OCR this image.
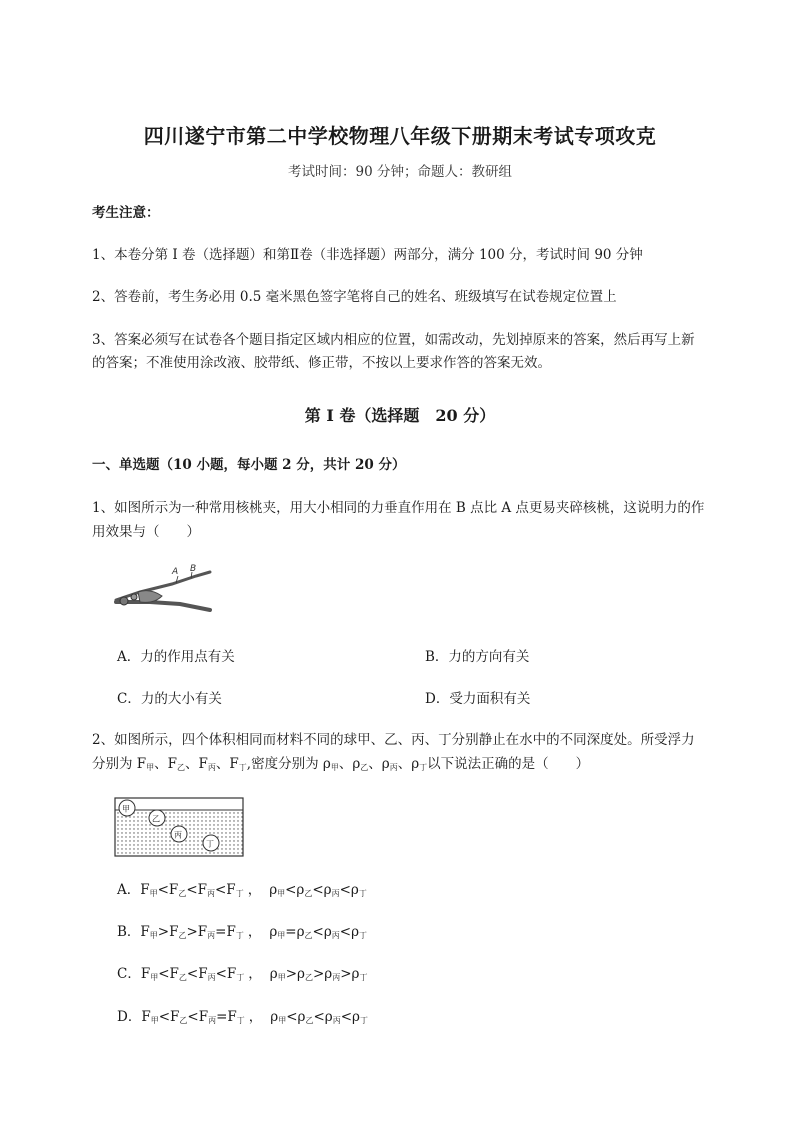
四川遂宁市第二中学校物理八年级下册期末考试专项攻克
考试时间：90 分钟；命题人：教研组
考生注意：
1、本卷分第 I 卷（选择题）和第Ⅱ卷（非选择题）两部分，满分 100 分，考试时间 90 分钟
2、答卷前，考生务必用 0.5 毫米黑色签字笔将自己的姓名、班级填写在试卷规定位置上
3、答案必须写在试卷各个题目指定区域内相应的位置，如需改动，先划掉原来的答案，然后再写上新
的答案；不准使用涂改液、胶带纸、修正带，不按以上要求作答的答案无效。
第 I 卷（选择题　20 分）
一、单选题（10 小题，每小题 2 分，共计 20 分）
1、如图所示为一种常用核桃夹，用大小相同的力垂直作用在 B 点比 A 点更易夹碎核桃，这说明力的作
用效果与（　　）
A B
A．力的作用点有关	B．力的方向有关
C．力的大小有关	D．受力面积有关
2、如图所示，四个体积相同而材料不同的球甲、乙、丙、丁分别静止在水中的不同深度处。所受浮力
分别为 $F_甲$、$F_乙$、$F_丙$、$F_丁$,密度分别为 $\rho_甲$、$\rho_乙$、$\rho_丙$、$\rho_丁$以下说法正确的是（　　）
甲
乙
丙
丁
A．$F_甲<F_乙<F_丙<F_丁$ ， $\rho_甲<\rho_乙<\rho_丙<\rho_丁$
B．$F_甲>F_乙>F_丙=F_丁$ ， $\rho_甲=\rho_乙<\rho_丙<\rho_丁$
C．$F_甲<F_乙<F_丙<F_丁$ ， $\rho_甲>\rho_乙>\rho_丙>\rho_丁$
D．$F_甲<F_乙<F_丙=F_丁$ ， $\rho_甲<\rho_乙<\rho_丙<\rho_丁$
